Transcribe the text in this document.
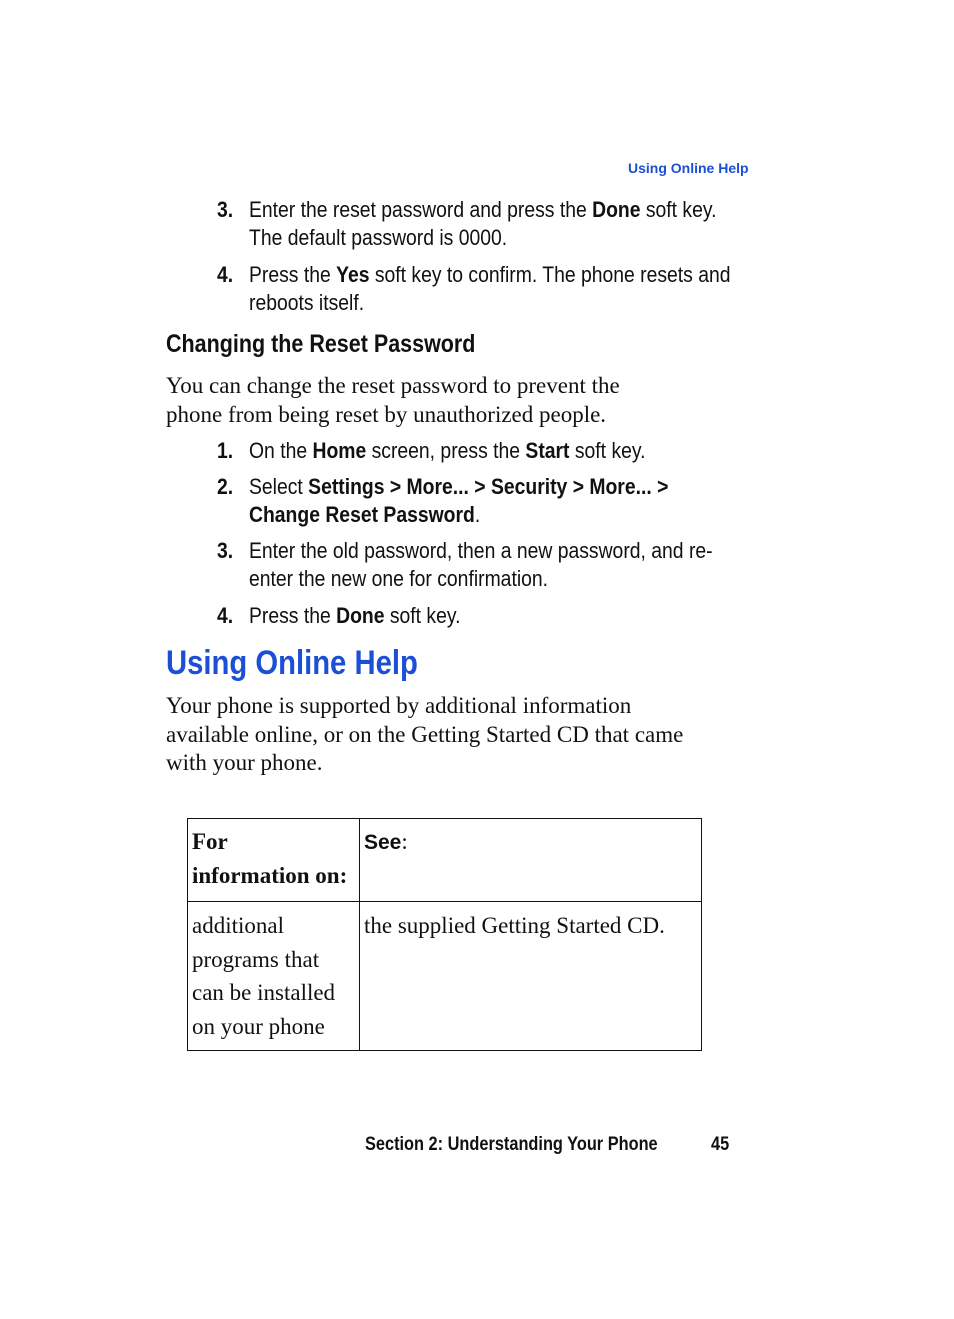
Using Online Help
3. Enter the reset password and press the Done soft key.
The default password is 0000.
4. Press the Yes soft key to confirm. The phone resets and
reboots itself.
Changing the Reset Password
You can change the reset password to prevent the
phone from being reset by unauthorized people.
1. On the Home screen, press the Start soft key.
2. Select Settings > More... > Security > More... >
Change Reset Password.
3. Enter the old password, then a new password, and re-
enter the new one for confirmation.
4. Press the Done soft key.
Using Online Help
Your phone is supported by additional information
available online, or on the Getting Started CD that came
with your phone.
For
information on:	See:

additional
programs that
can be installed
on your phone	the supplied Getting Started CD.
Section 2: Understanding Your Phone	45
